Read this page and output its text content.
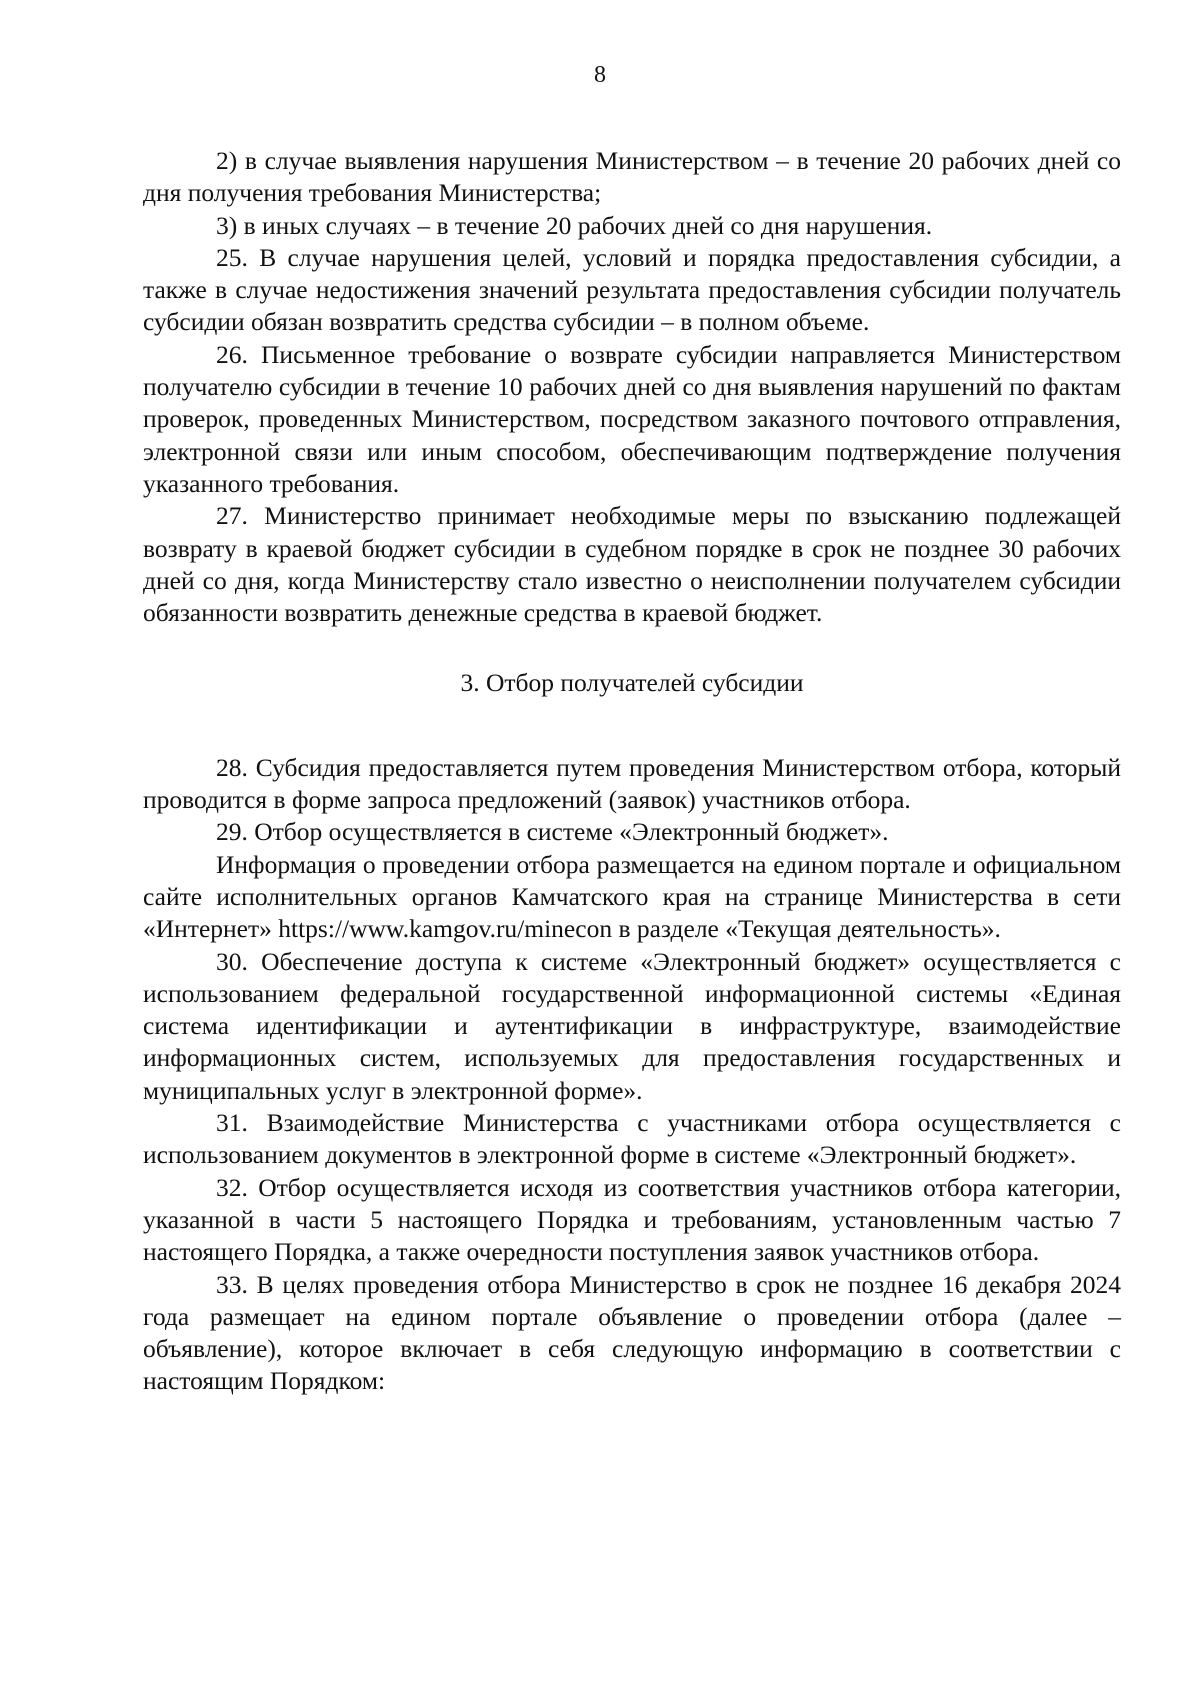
8

2) в случае выявления нарушения Министерством – в течение 20 рабочих дней со дня получения требования Министерства;

3) в иных случаях – в течение 20 рабочих дней со дня нарушения.

25. В случае нарушения целей, условий и порядка предоставления субсидии, а также в случае недостижения значений результата предоставления субсидии получатель субсидии обязан возвратить средства субсидии – в полном объеме.

26. Письменное требование о возврате субсидии направляется Министерством получателю субсидии в течение 10 рабочих дней со дня выявления нарушений по фактам проверок, проведенных Министерством, посредством заказного почтового отправления, электронной связи или иным способом, обеспечивающим подтверждение получения указанного требования.

27. Министерство принимает необходимые меры по взысканию подлежащей возврату в краевой бюджет субсидии в судебном порядке в срок не позднее 30 рабочих дней со дня, когда Министерству стало известно о неисполнении получателем субсидии обязанности возвратить денежные средства в краевой бюджет.

3. Отбор получателей субсидии

28. Субсидия предоставляется путем проведения Министерством отбора, который проводится в форме запроса предложений (заявок) участников отбора.

29. Отбор осуществляется в системе «Электронный бюджет».

Информация о проведении отбора размещается на едином портале и официальном сайте исполнительных органов Камчатского края на странице Министерства в сети «Интернет» https://www.kamgov.ru/minecon в разделе «Текущая деятельность».

30. Обеспечение доступа к системе «Электронный бюджет» осуществляется с использованием федеральной государственной информационной системы «Единая система идентификации и аутентификации в инфраструктуре, взаимодействие информационных систем, используемых для предоставления государственных и муниципальных услуг в электронной форме».

31. Взаимодействие Министерства с участниками отбора осуществляется с использованием документов в электронной форме в системе «Электронный бюджет».

32. Отбор осуществляется исходя из соответствия участников отбора категории, указанной в части 5 настоящего Порядка и требованиям, установленным частью 7 настоящего Порядка, а также очередности поступления заявок участников отбора.

33. В целях проведения отбора Министерство в срок не позднее 16 декабря 2024 года размещает на едином портале объявление о проведении отбора (далее – объявление), которое включает в себя следующую информацию в соответствии с настоящим Порядком:
